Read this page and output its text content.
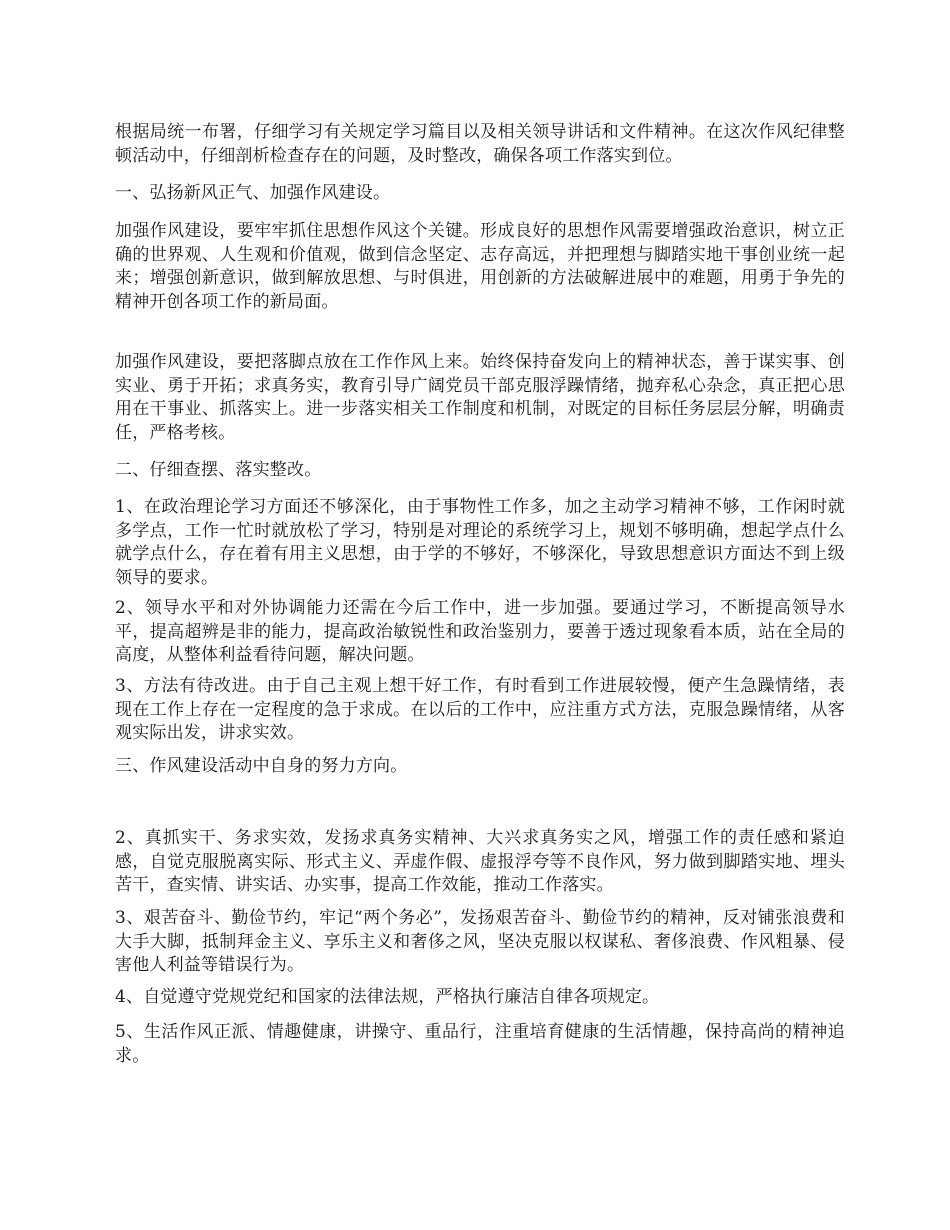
根据局统一布署，仔细学习有关规定学习篇目以及相关领导讲话和文件精神。在这次作风纪律整顿活动中，仔细剖析检查存在的问题，及时整改，确保各项工作落实到位。

一、弘扬新风正气、加强作风建设。

加强作风建设，要牢牢抓住思想作风这个关键。形成良好的思想作风需要增强政治意识，树立正确的世界观、人生观和价值观，做到信念坚定、志存高远，并把理想与脚踏实地干事创业统一起来；增强创新意识，做到解放思想、与时俱进，用创新的方法破解进展中的难题，用勇于争先的精神开创各项工作的新局面。

加强作风建设，要把落脚点放在工作作风上来。始终保持奋发向上的精神状态，善于谋实事、创实业、勇于开拓；求真务实，教育引导广阔党员干部克服浮躁情绪，抛弃私心杂念，真正把心思用在干事业、抓落实上。进一步落实相关工作制度和机制，对既定的目标任务层层分解，明确责任，严格考核。

二、仔细查摆、落实整改。

1、在政治理论学习方面还不够深化，由于事物性工作多，加之主动学习精神不够，工作闲时就多学点，工作一忙时就放松了学习，特别是对理论的系统学习上，规划不够明确，想起学点什么就学点什么，存在着有用主义思想，由于学的不够好，不够深化，导致思想意识方面达不到上级领导的要求。

2、领导水平和对外协调能力还需在今后工作中，进一步加强。要通过学习，不断提高领导水平，提高超辨是非的能力，提高政治敏锐性和政治鉴别力，要善于透过现象看本质，站在全局的高度，从整体利益看待问题，解决问题。

3、方法有待改进。由于自己主观上想干好工作，有时看到工作进展较慢，便产生急躁情绪，表现在工作上存在一定程度的急于求成。在以后的工作中，应注重方式方法，克服急躁情绪，从客观实际出发，讲求实效。

三、作风建设活动中自身的努力方向。

2、真抓实干、务求实效，发扬求真务实精神、大兴求真务实之风，增强工作的责任感和紧迫感，自觉克服脱离实际、形式主义、弄虚作假、虚报浮夸等不良作风，努力做到脚踏实地、埋头苦干，查实情、讲实话、办实事，提高工作效能，推动工作落实。

3、艰苦奋斗、勤俭节约，牢记“两个务必”，发扬艰苦奋斗、勤俭节约的精神，反对铺张浪费和大手大脚，抵制拜金主义、享乐主义和奢侈之风，坚决克服以权谋私、奢侈浪费、作风粗暴、侵害他人利益等错误行为。

4、自觉遵守党规党纪和国家的法律法规，严格执行廉洁自律各项规定。

5、生活作风正派、情趣健康，讲操守、重品行，注重培育健康的生活情趣，保持高尚的精神追求。
